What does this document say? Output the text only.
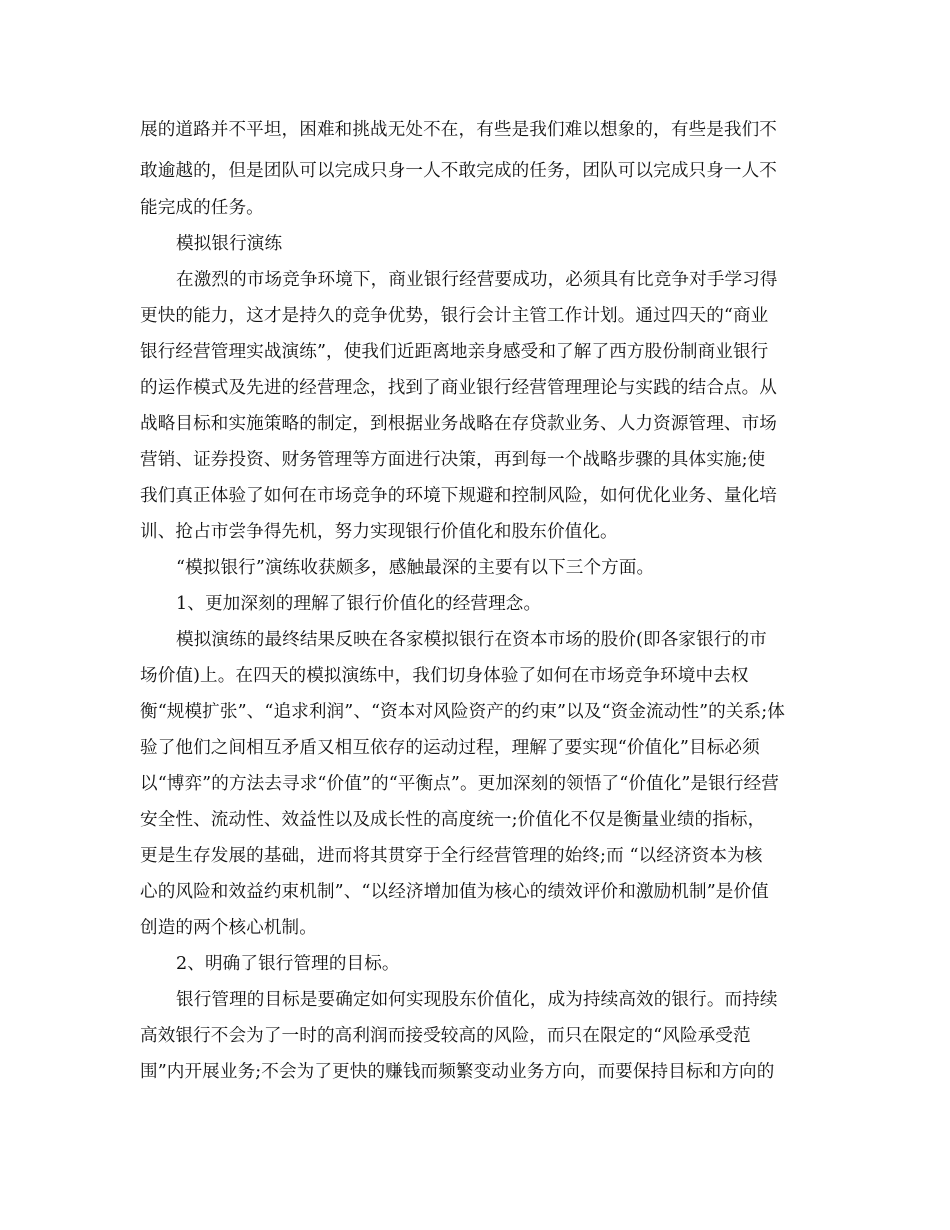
展的道路并不平坦，困难和挑战无处不在，有些是我们难以想象的，有些是我们不
敢逾越的，但是团队可以完成只身一人不敢完成的任务，团队可以完成只身一人不
能完成的任务。
模拟银行演练
在激烈的市场竞争环境下，商业银行经营要成功，必须具有比竞争对手学习得
更快的能力，这才是持久的竞争优势，银行会计主管工作计划。通过四天的“商业
银行经营管理实战演练”，使我们近距离地亲身感受和了解了西方股份制商业银行
的运作模式及先进的经营理念，找到了商业银行经营管理理论与实践的结合点。从
战略目标和实施策略的制定，到根据业务战略在存贷款业务、人力资源管理、市场
营销、证券投资、财务管理等方面进行决策，再到每一个战略步骤的具体实施;使
我们真正体验了如何在市场竞争的环境下规避和控制风险，如何优化业务、量化培
训、抢占市尝争得先机，努力实现银行价值化和股东价值化。
“模拟银行”演练收获颇多，感触最深的主要有以下三个方面。
1、更加深刻的理解了银行价值化的经营理念。
模拟演练的最终结果反映在各家模拟银行在资本市场的股价(即各家银行的市
场价值)上。在四天的模拟演练中，我们切身体验了如何在市场竞争环境中去权
衡“规模扩张”、“追求利润”、“资本对风险资产的约束”以及“资金流动性”的关系;体
验了他们之间相互矛盾又相互依存的运动过程，理解了要实现“价值化”目标必须
以“博弈”的方法去寻求“价值”的“平衡点”。更加深刻的领悟了“价值化”是银行经营
安全性、流动性、效益性以及成长性的高度统一;价值化不仅是衡量业绩的指标，
更是生存发展的基础，进而将其贯穿于全行经营管理的始终;而 “以经济资本为核
心的风险和效益约束机制”、“以经济增加值为核心的绩效评价和激励机制”是价值
创造的两个核心机制。
2、明确了银行管理的目标。
银行管理的目标是要确定如何实现股东价值化，成为持续高效的银行。而持续
高效银行不会为了一时的高利润而接受较高的风险，而只在限定的“风险承受范
围”内开展业务;不会为了更快的赚钱而频繁变动业务方向，而要保持目标和方向的
